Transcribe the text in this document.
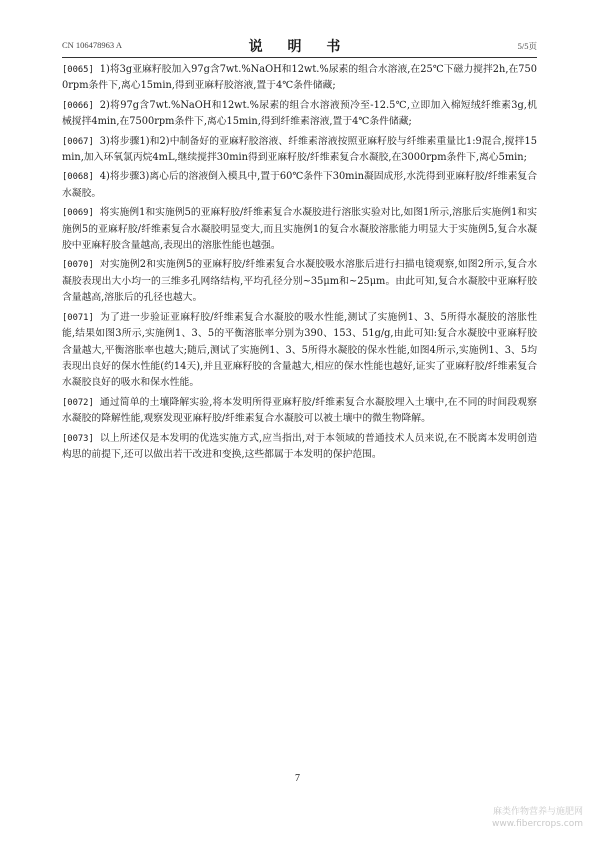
CN 106478963 A	说 明 书	5/5页

[ 0065 ] 1)将3g亚麻籽胶加入97g含7wt.%NaOH和12wt.%尿素的组合水溶液,在25℃下磁力搅拌2h,在7500rpm条件下,离心15min,得到亚麻籽胶溶液,置于4℃条件储藏;

[ 0066 ] 2)将97g含7wt.%NaOH和12wt.%尿素的组合水溶液预冷至-12.5℃,立即加入棉短绒纤维素3g,机械搅拌4min,在7500rpm条件下,离心15min,得到纤维素溶液,置于4℃条件储藏;

[ 0067 ] 3)将步骤1)和2)中制备好的亚麻籽胶溶液、纤维素溶液按照亚麻籽胶与纤维素重量比1:9混合,搅拌15min,加入环氧氯丙烷4mL,继续搅拌30min得到亚麻籽胶/纤维素复合水凝胶,在3000rpm条件下,离心5min;

[ 0068 ] 4)将步骤3)离心后的溶液倒入模具中,置于60℃条件下30min凝固成形,水洗得到亚麻籽胶/纤维素复合水凝胶。

[ 0069 ] 将实施例1和实施例5的亚麻籽胶/纤维素复合水凝胶进行溶胀实验对比,如图1所示,溶胀后实施例1和实施例5的亚麻籽胶/纤维素复合水凝胶明显变大,而且实施例1的复合水凝胶溶胀能力明显大于实施例5,复合水凝胶中亚麻籽胶含量越高,表现出的溶胀性能也越强。

[ 0070 ] 对实施例2和实施例5的亚麻籽胶/纤维素复合水凝胶吸水溶胀后进行扫描电镜观察,如图2所示,复合水凝胶表现出大小均一的三维多孔网络结构,平均孔径分别~35μm和~25μm。由此可知,复合水凝胶中亚麻籽胶含量越高,溶胀后的孔径也越大。

[ 0071 ] 为了进一步验证亚麻籽胶/纤维素复合水凝胶的吸水性能,测试了实施例1、3、5所得水凝胶的溶胀性能,结果如图3所示,实施例1、3、5的平衡溶胀率分别为390、153、51g/g,由此可知:复合水凝胶中亚麻籽胶含量越大,平衡溶胀率也越大;随后,测试了实施例1、3、5所得水凝胶的保水性能,如图4所示,实施例1、3、5均表现出良好的保水性能(约14天),并且亚麻籽胶的含量越大,相应的保水性能也越好,证实了亚麻籽胶/纤维素复合水凝胶良好的吸水和保水性能。

[ 0072 ] 通过简单的土壤降解实验,将本发明所得亚麻籽胶/纤维素复合水凝胶埋入土壤中,在不同的时间段观察水凝胶的降解性能,观察发现亚麻籽胶/纤维素复合水凝胶可以被土壤中的微生物降解。

[ 0073 ] 以上所述仅是本发明的优选实施方式,应当指出,对于本领域的普通技术人员来说,在不脱离本发明创造构思的前提下,还可以做出若干改进和变换,这些都属于本发明的保护范围。

7
麻类作物营养与施肥网
www.fibercrops.com
